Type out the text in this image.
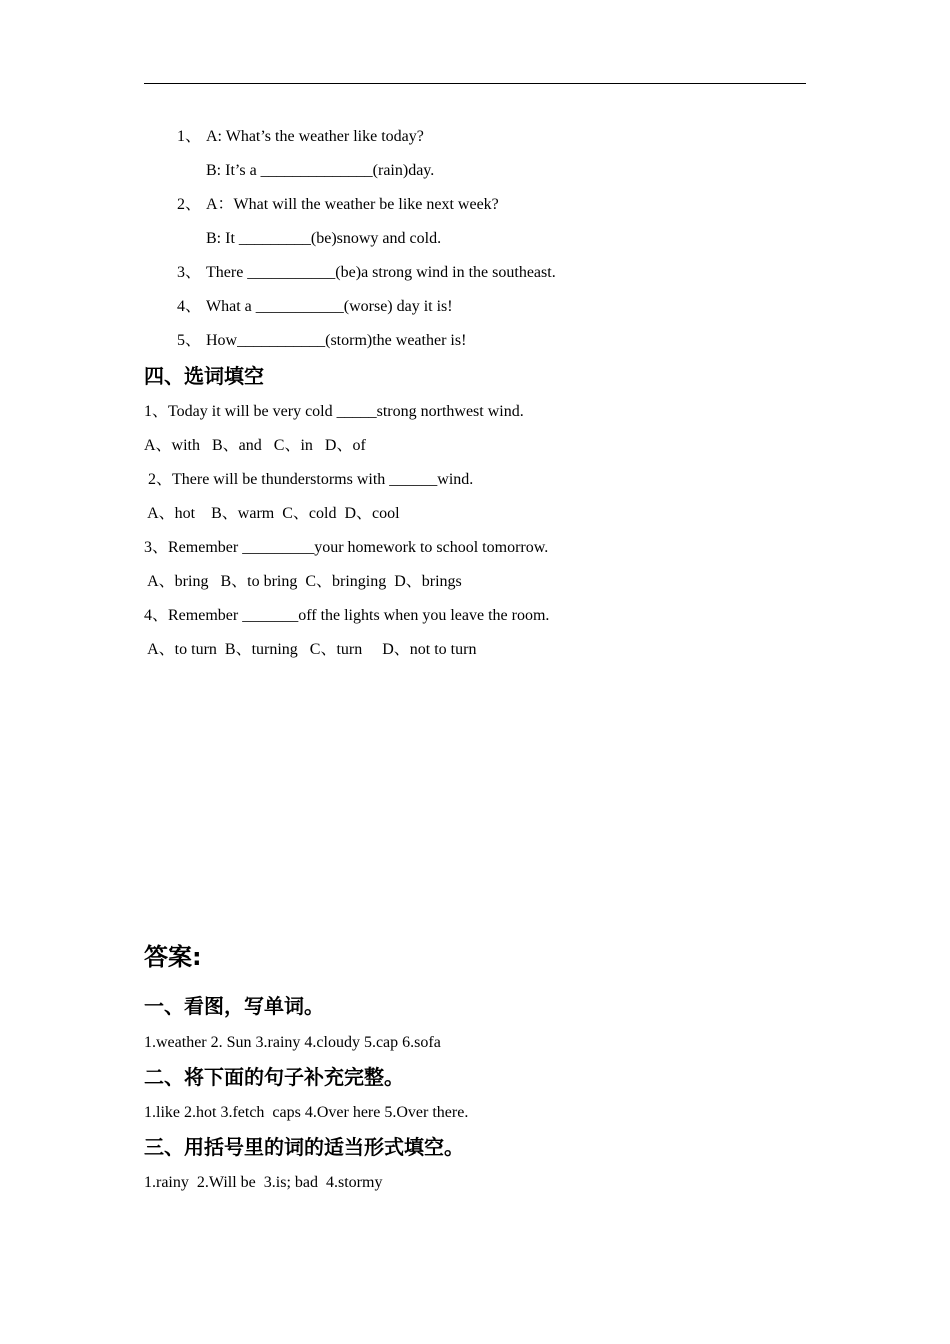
1、 A: What’s the weather like today?
B: It’s a ______________(rain)day.
2、 A：What will the weather be like next week?
B: It _________(be)snowy and cold.
3、 There ___________(be)a strong wind in the southeast.
4、 What a ___________(worse) day it is!
5、 How___________(storm)the weather is!
四、选词填空
1、Today it will be very cold _____strong northwest wind.
A、with   B、and   C、in   D、of
2、There will be thunderstorms with ______wind.
A、hot    B、warm  C、cold  D、cool
3、Remember _________your homework to school tomorrow.
A、bring   B、to bring  C、bringing  D、brings
4、Remember _______off the lights when you leave the room.
A、to turn  B、turning   C、turn     D、not to turn
答案:
一、看图，写单词。
1.weather 2. Sun 3.rainy 4.cloudy 5.cap 6.sofa
二、将下面的句子补充完整。
1.like 2.hot 3.fetch  caps 4.Over here 5.Over there.
三、用括号里的词的适当形式填空。
1.rainy  2.Will be  3.is; bad  4.stormy
